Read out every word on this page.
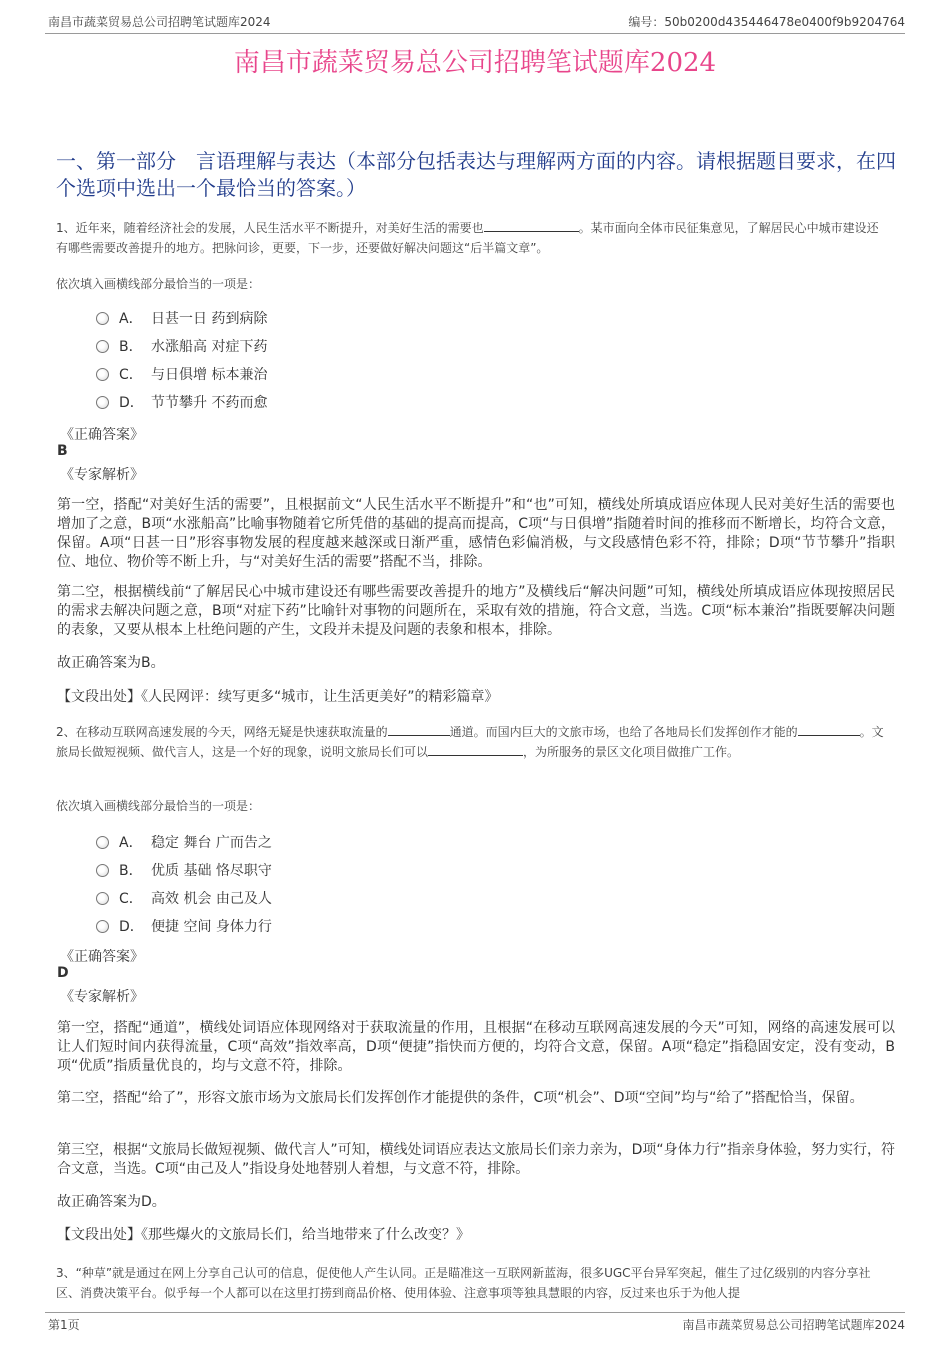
南昌市蔬菜贸易总公司招聘笔试题库2024	编号：50b0200d435446478e0400f9b9204764
南昌市蔬菜贸易总公司招聘笔试题库2024
一、第一部分　言语理解与表达（本部分包括表达与理解两方面的内容。请根据题目要求，在四个选项中选出一个最恰当的答案。）

1、近年来，随着经济社会的发展，人民生活水平不断提升，对美好生活的需要也	。某市面向全体市民征集意见，了解居民心中城市建设还有哪些需要改善提升的地方。把脉问诊，更要，下一步，还要做好解决问题这“后半篇文章”。

依次填入画横线部分最恰当的一项是：

A． 日甚一日 药到病除
B． 水涨船高 对症下药
C． 与日俱增 标本兼治
D． 节节攀升 不药而愈
《正确答案》
B
《专家解析》

第一空，搭配“对美好生活的需要”，且根据前文“人民生活水平不断提升”和“也”可知，横线处所填成语应体现人民对美好生活的需要也增加了之意，B项“水涨船高”比喻事物随着它所凭借的基础的提高而提高，C项“与日俱增”指随着时间的推移而不断增长，均符合文意，保留。A项“日甚一日”形容事物发展的程度越来越深或日渐严重，感情色彩偏消极，与文段感情色彩不符，排除；D项“节节攀升”指职位、地位、物价等不断上升，与“对美好生活的需要”搭配不当，排除。

第二空，根据横线前“了解居民心中城市建设还有哪些需要改善提升的地方”及横线后“解决问题”可知，横线处所填成语应体现按照居民的需求去解决问题之意，B项“对症下药”比喻针对事物的问题所在，采取有效的措施，符合文意，当选。C项“标本兼治”指既要解决问题的表象，又要从根本上杜绝问题的产生，文段并未提及问题的表象和根本，排除。

故正确答案为B。

【文段出处】《人民网评：续写更多“城市，让生活更美好”的精彩篇章》

2、在移动互联网高速发展的今天，网络无疑是快速获取流量的	通道。而国内巨大的文旅市场，也给了各地局长们发挥创作才能的	。文旅局长做短视频、做代言人，这是一个好的现象，说明文旅局长们可以	，为所服务的景区文化项目做推广工作。

依次填入画横线部分最恰当的一项是：

A． 稳定 舞台 广而告之
B． 优质 基础 恪尽职守
C． 高效 机会 由己及人
D． 便捷 空间 身体力行
《正确答案》
D
《专家解析》

第一空，搭配“通道”，横线处词语应体现网络对于获取流量的作用，且根据“在移动互联网高速发展的今天”可知，网络的高速发展可以让人们短时间内获得流量，C项“高效”指效率高，D项“便捷”指快而方便的，均符合文意，保留。A项“稳定”指稳固安定，没有变动，B项“优质”指质量优良的，均与文意不符，排除。

第二空，搭配“给了”，形容文旅市场为文旅局长们发挥创作才能提供的条件，C项“机会”、D项“空间”均与“给了”搭配恰当，保留。

第三空，根据“文旅局长做短视频、做代言人”可知，横线处词语应表达文旅局长们亲力亲为，D项“身体力行”指亲身体验，努力实行，符合文意，当选。C项“由己及人”指设身处地替别人着想，与文意不符，排除。

故正确答案为D。

【文段出处】《那些爆火的文旅局长们，给当地带来了什么改变？》

3、“种草”就是通过在网上分享自己认可的信息，促使他人产生认同。正是瞄准这一互联网新蓝海，很多UGC平台异军突起，催生了过亿级别的内容分享社区、消费决策平台。似乎每一个人都可以在这里打捞到商品价格、使用体验、注意事项等独具慧眼的内容，反过来也乐于为他人提

第1页	南昌市蔬菜贸易总公司招聘笔试题库2024
